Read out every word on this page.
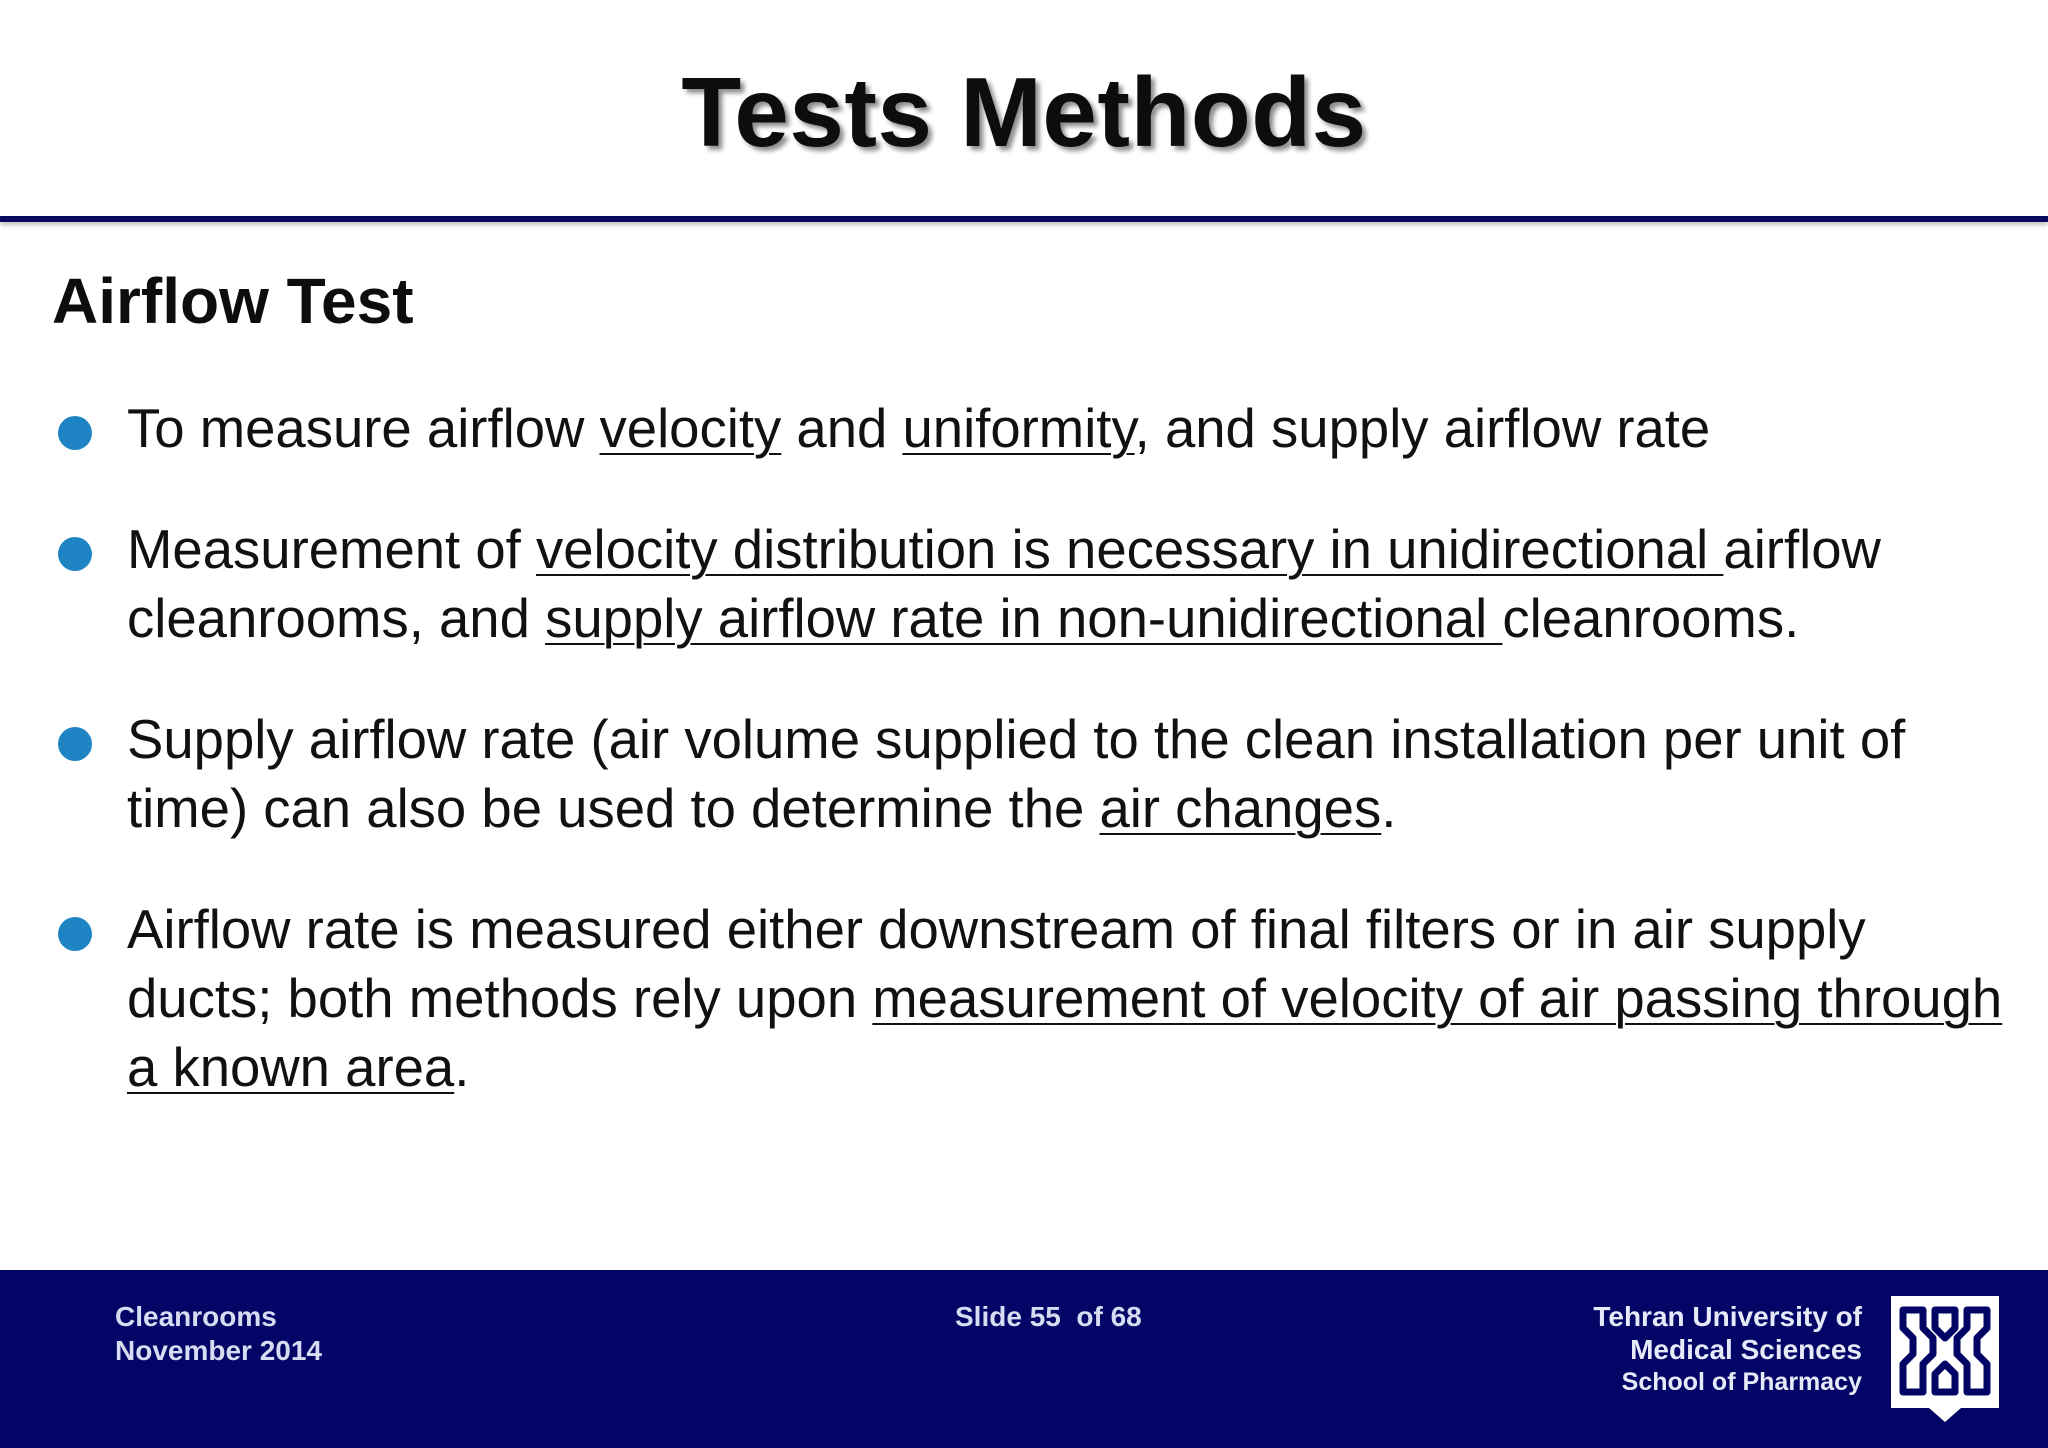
Tests Methods
Airflow Test
To measure airflow velocity and uniformity, and supply airflow rate
Measurement of velocity distribution is necessary in unidirectional airflow cleanrooms, and supply airflow rate in non-unidirectional cleanrooms.
Supply airflow rate (air volume supplied to the clean installation per unit of time) can also be used to determine the air changes.
Airflow rate is measured either downstream of final filters or in air supply ducts; both methods rely upon measurement of velocity of air passing through a known area.
Cleanrooms
November 2014
Slide 55  of 68	Tehran University of
Medical Sciences
School of Pharmacy
